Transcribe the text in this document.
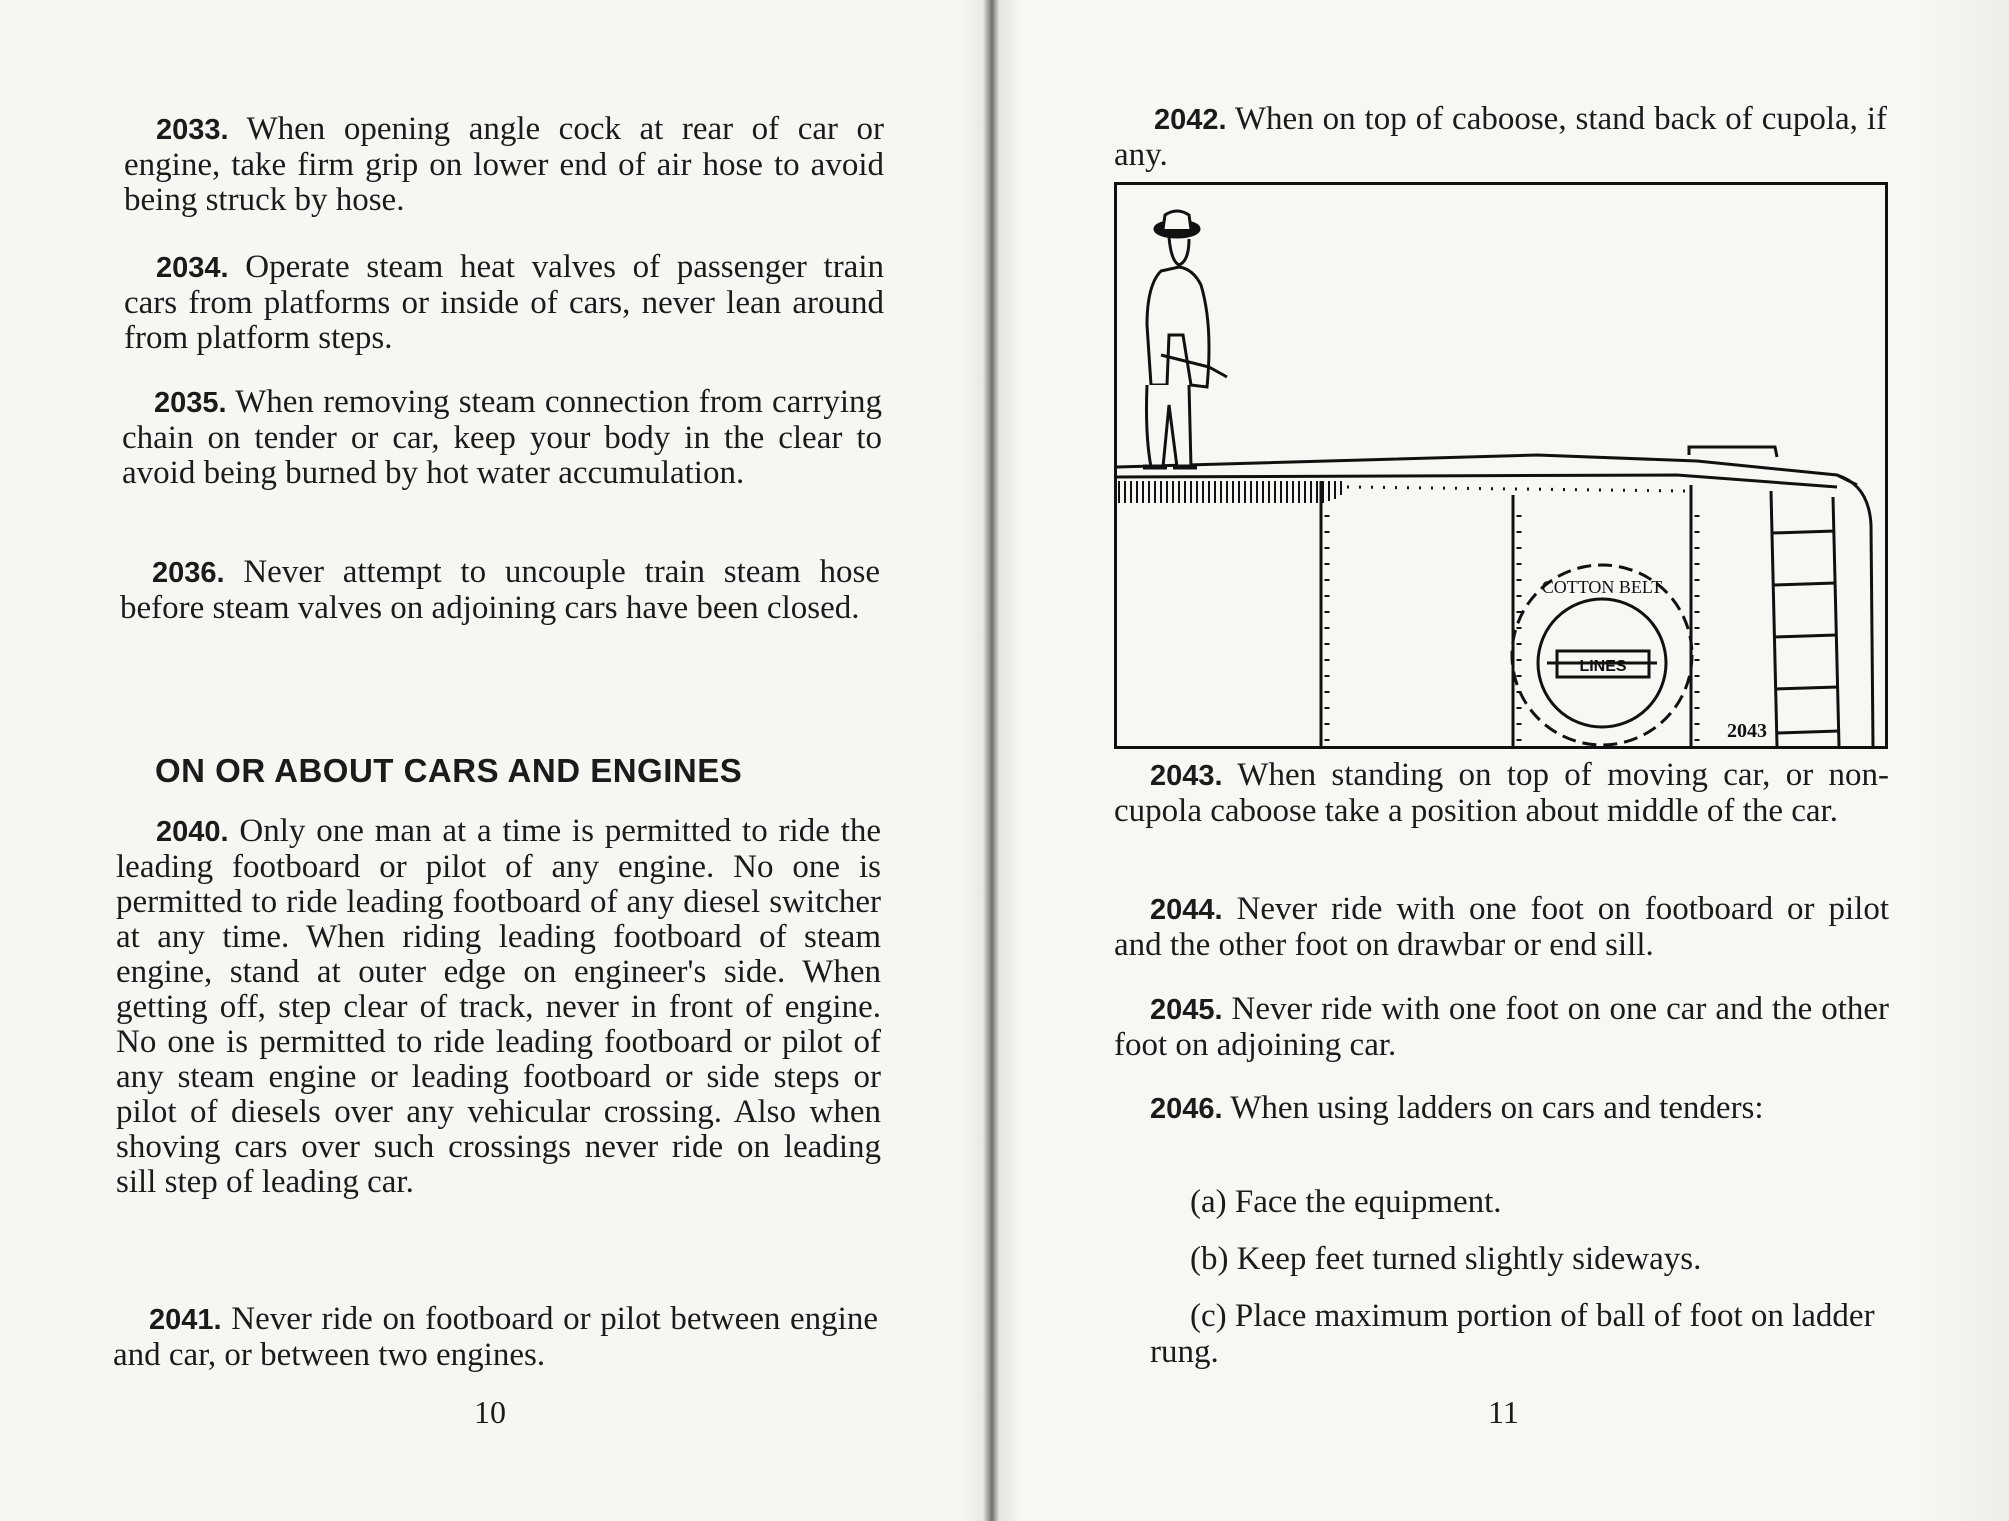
2033. When opening angle cock at rear of car or engine, take firm grip on lower end of air hose to avoid being struck by hose.

2034. Operate steam heat valves of passenger train cars from platforms or inside of cars, never lean around from platform steps.

2035. When removing steam connection from carrying chain on tender or car, keep your body in the clear to avoid being burned by hot water accumulation.

2036. Never attempt to uncouple train steam hose before steam valves on adjoining cars have been closed.

ON OR ABOUT CARS AND ENGINES

2040. Only one man at a time is permitted to ride the leading footboard or pilot of any engine. No one is permitted to ride leading footboard of any diesel switcher at any time. When riding leading footboard of steam engine, stand at outer edge on engineer's side. When getting off, step clear of track, never in front of engine. No one is permitted to ride leading footboard or pilot of any steam engine or leading footboard or side steps or pilot of diesels over any vehicular crossing. Also when shoving cars over such crossings never ride on leading sill step of leading car.

2041. Never ride on footboard or pilot between engine and car, or between two engines.

10

2042. When on top of caboose, stand back of cupola, if any.

2043
COTTON BELT
LINES

2043. When standing on top of moving car, or non-cupola caboose take a position about middle of the car.

2044. Never ride with one foot on footboard or pilot and the other foot on drawbar or end sill.

2045. Never ride with one foot on one car and the other foot on adjoining car.

2046. When using ladders on cars and tenders:

(a) Face the equipment.

(b) Keep feet turned slightly sideways.

(c) Place maximum portion of ball of foot on ladder rung.

11
